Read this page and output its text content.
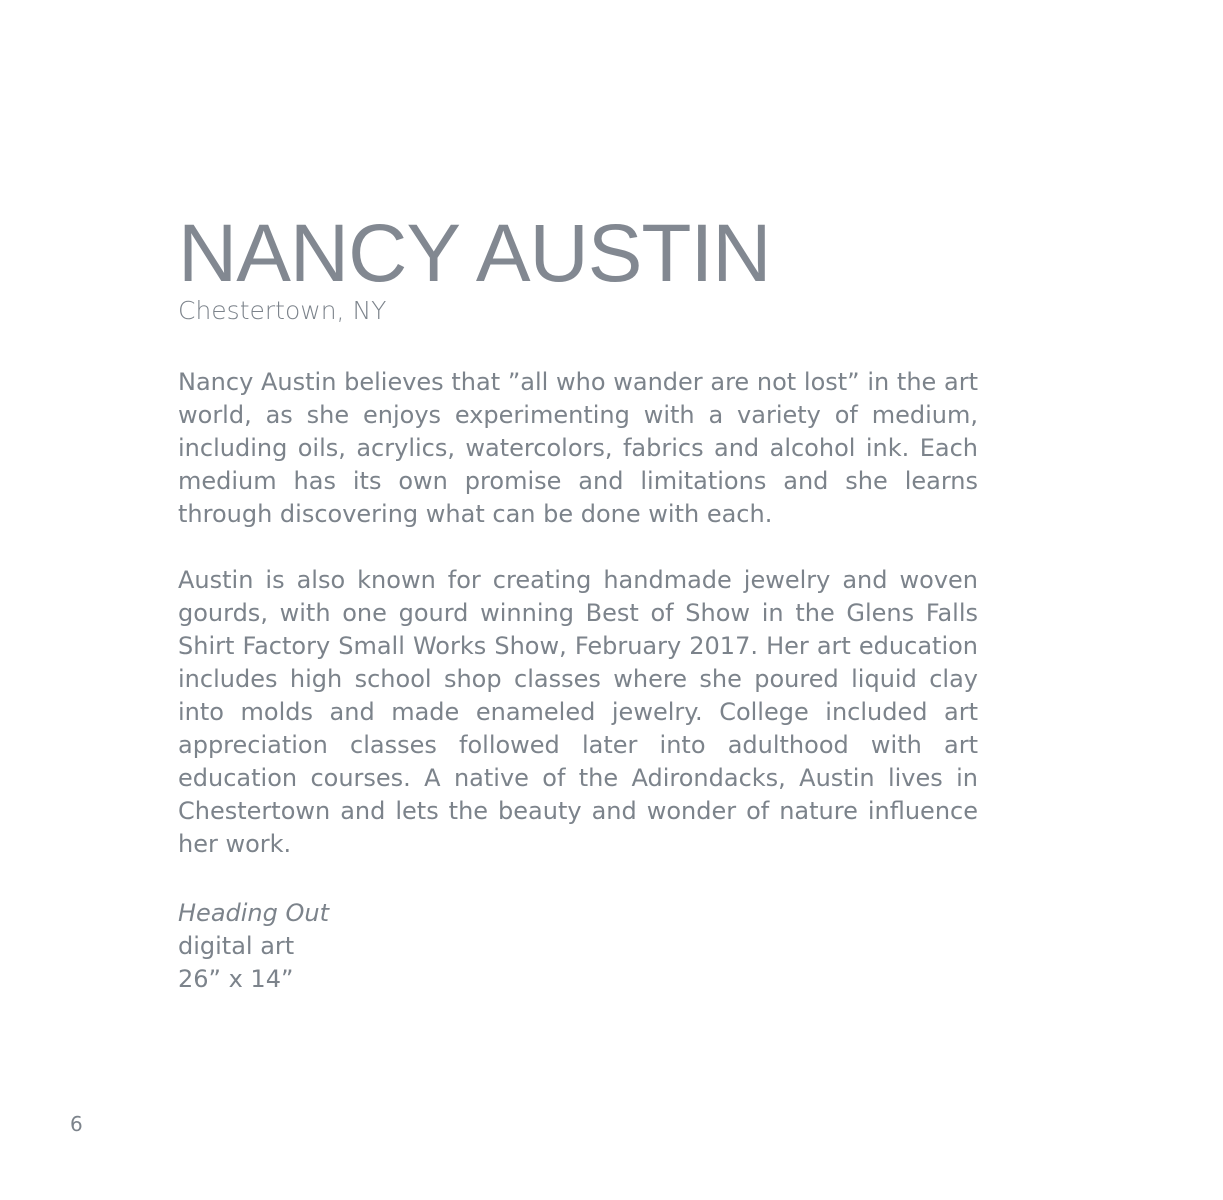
NANCY AUSTIN

Chestertown, NY

Nancy Austin believes that ”all who wander are not lost” in the art world, as she enjoys experimenting with a variety of medium, including oils, acrylics, watercolors, fabrics and alcohol ink. Each medium has its own promise and limitations and she learns through discovering what can be done with each.

Austin is also known for creating handmade jewelry and woven gourds, with one gourd winning Best of Show in the Glens Falls Shirt Factory Small Works Show, February 2017. Her art education includes high school shop classes where she poured liquid clay into molds and made enameled jewelry. College included art appreciation classes followed later into adulthood with art education courses. A native of the Adirondacks, Austin lives in Chestertown and lets the beauty and wonder of nature influence her work.

Heading Out
digital art
26” x 14”
6
